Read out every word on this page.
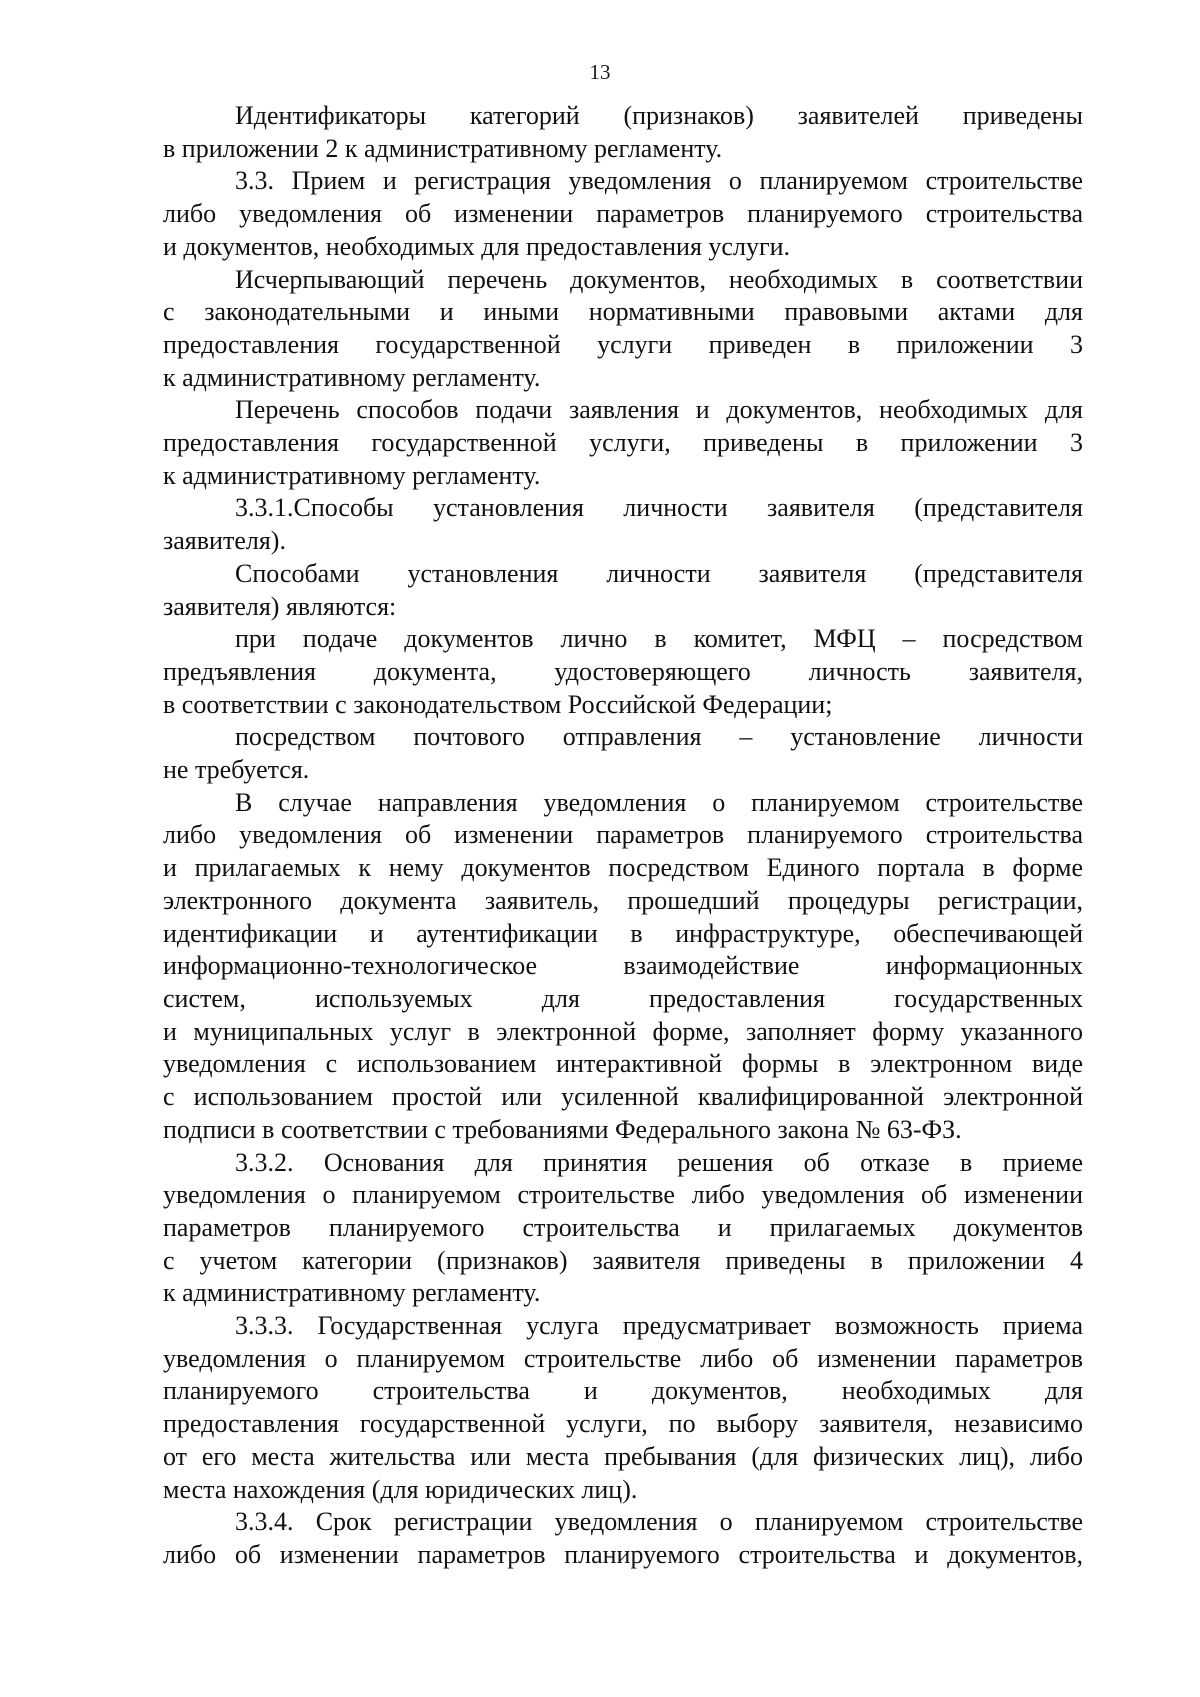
13
Идентификаторы категорий (признаков) заявителей приведены
в приложении 2 к административному регламенту.
3.3. Прием и регистрация уведомления о планируемом строительстве
либо уведомления об изменении параметров планируемого строительства
и документов, необходимых для предоставления услуги.
Исчерпывающий перечень документов, необходимых в соответствии
с законодательными и иными нормативными правовыми актами для
предоставления государственной услуги приведен в приложении 3
к административному регламенту.
Перечень способов подачи заявления и документов, необходимых для
предоставления государственной услуги, приведены в приложении 3
к административному регламенту.
3.3.1.Способы установления личности заявителя (представителя
заявителя).
Способами установления личности заявителя (представителя
заявителя) являются:
при подаче документов лично в комитет, МФЦ – посредством
предъявления документа, удостоверяющего личность заявителя,
в соответствии с законодательством Российской Федерации;
посредством почтового отправления – установление личности
не требуется.
В случае направления уведомления о планируемом строительстве
либо уведомления об изменении параметров планируемого строительства
и прилагаемых к нему документов посредством Единого портала в форме
электронного документа заявитель, прошедший процедуры регистрации,
идентификации и аутентификации в инфраструктуре, обеспечивающей
информационно-технологическое взаимодействие информационных
систем, используемых для предоставления государственных
и муниципальных услуг в электронной форме, заполняет форму указанного
уведомления с использованием интерактивной формы в электронном виде
с использованием простой или усиленной квалифицированной электронной
подписи в соответствии с требованиями Федерального закона № 63-ФЗ.
3.3.2. Основания для принятия решения об отказе в приеме
уведомления о планируемом строительстве либо уведомления об изменении
параметров планируемого строительства и прилагаемых документов
с учетом категории (признаков) заявителя приведены в приложении 4
к административному регламенту.
3.3.3. Государственная услуга предусматривает возможность приема
уведомления о планируемом строительстве либо об изменении параметров
планируемого строительства и документов, необходимых для
предоставления государственной услуги, по выбору заявителя, независимо
от его места жительства или места пребывания (для физических лиц), либо
места нахождения (для юридических лиц).
3.3.4. Срок регистрации уведомления о планируемом строительстве
либо об изменении параметров планируемого строительства и документов,
